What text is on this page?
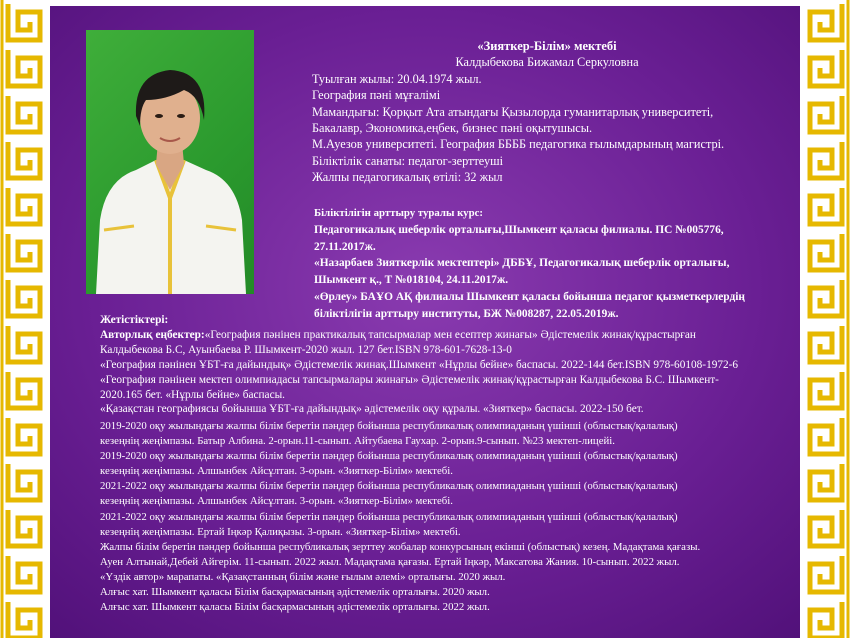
«Зияткер-Білім» мектебі
Калдыбекова Бижамал Серкуловна
Туылған жылы: 20.04.1974 жыл.
География пәні мұғалімі
Мамандығы: Қорқыт Ата атындағы Қызылорда гуманитарлық университеті,
Бакалавр, Экономика,еңбек, бизнес пәні оқытушысы.
М.Ауезов университеті. География ББББ педагогика ғылымдарының магистрі.
Біліктілік санаты: педагог-зерттеуші
Жалпы педагогикалық өтілі: 32 жыл
Біліктілігін арттыру туралы курс:
Педагогикалық шеберлік орталығы,Шымкент қаласы филиалы. ПС №005776,
27.11.2017ж.
«Назарбаев Зияткерлік мектептері» ДББҰ, Педагогикалық шеберлік орталығы,
Шымкент қ., Т №018104, 24.11.2017ж.
«Өрлеу» БАҰО АҚ филиалы Шымкент қаласы бойынша педагог қызметкерлердің
біліктілігін арттыру институты, БЖ №008287, 22.05.2019ж.
Жетістіктері:
Авторлық еңбектер:«География пәнінен практикалық тапсырмалар мен есептер жинағы» Әдістемелік жинақ/құрастырған
Калдыбекова Б.С, Ауынбаева Р. Шымкент-2020 жыл. 127 бет.ISBN 978-601-7628-13-0
«География пәнінен ҰБТ-ға дайындық» Әдістемелік жинақ.Шымкент «Нұрлы бейне» баспасы. 2022-144 бет.ISBN 978-60108-1972-6
«География пәнінен мектеп олимпиадасы тапсырмалары жинағы» Әдістемелік жинақ/құрастырған Калдыбекова Б.С. Шымкент-
2020.165 бет. «Нұрлы бейне» баспасы.
«Қазақстан географиясы бойынша ҰБТ-ға дайындық» әдістемелік оқу құралы. «Зияткер» баспасы. 2022-150 бет.
2019-2020 оқу жылындағы жалпы білім беретін пәндер бойынша республикалық олимпиаданың үшінші (облыстық/қалалық)
кезеңнің жеңімпазы. Батыр Албина. 2-орын.11-сынып. Айтубаева Гаухар. 2-орын.9-сынып. №23 мектеп-лицейі.
2019-2020 оқу жылындағы жалпы білім беретін пәндер бойынша республикалық олимпиаданың үшінші (облыстық/қалалық)
кезеңнің жеңімпазы. Алшынбек Айсұлтан. 3-орын. «Зияткер-Білім» мектебі.
2021-2022 оқу жылындағы жалпы білім беретін пәндер бойынша республикалық олимпиаданың үшінші (облыстық/қалалық)
кезеңнің жеңімпазы. Алшынбек Айсұлтан. 3-орын. «Зияткер-Білім» мектебі.
2021-2022 оқу жылындағы жалпы білім беретін пәндер бойынша республикалық олимпиаданың үшінші (облыстық/қалалық)
кезеңнің жеңімпазы. Ертай Іңкәр Қалиқызы. 3-орын. «Зияткер-Білім» мектебі.
Жалпы білім беретін пәндер бойынша республикалық зерттеу жобалар конкурсының екінші (облыстық) кезең. Мадақтама қағазы.
Ауен Алтынай,Дебей Айгерім. 11-сынып. 2022 жыл. Мадақтама қағазы. Ертай Іңкәр, Максатова Жания. 10-сынып. 2022 жыл.
«Үздік автор» марапаты. «Қазақстанның білім және ғылым әлемі» орталығы. 2020 жыл.
Алғыс хат. Шымкент қаласы Білім басқармасының әдістемелік орталығы. 2020 жыл.
Алғыс хат. Шымкент қаласы Білім басқармасының әдістемелік орталығы. 2022 жыл.
